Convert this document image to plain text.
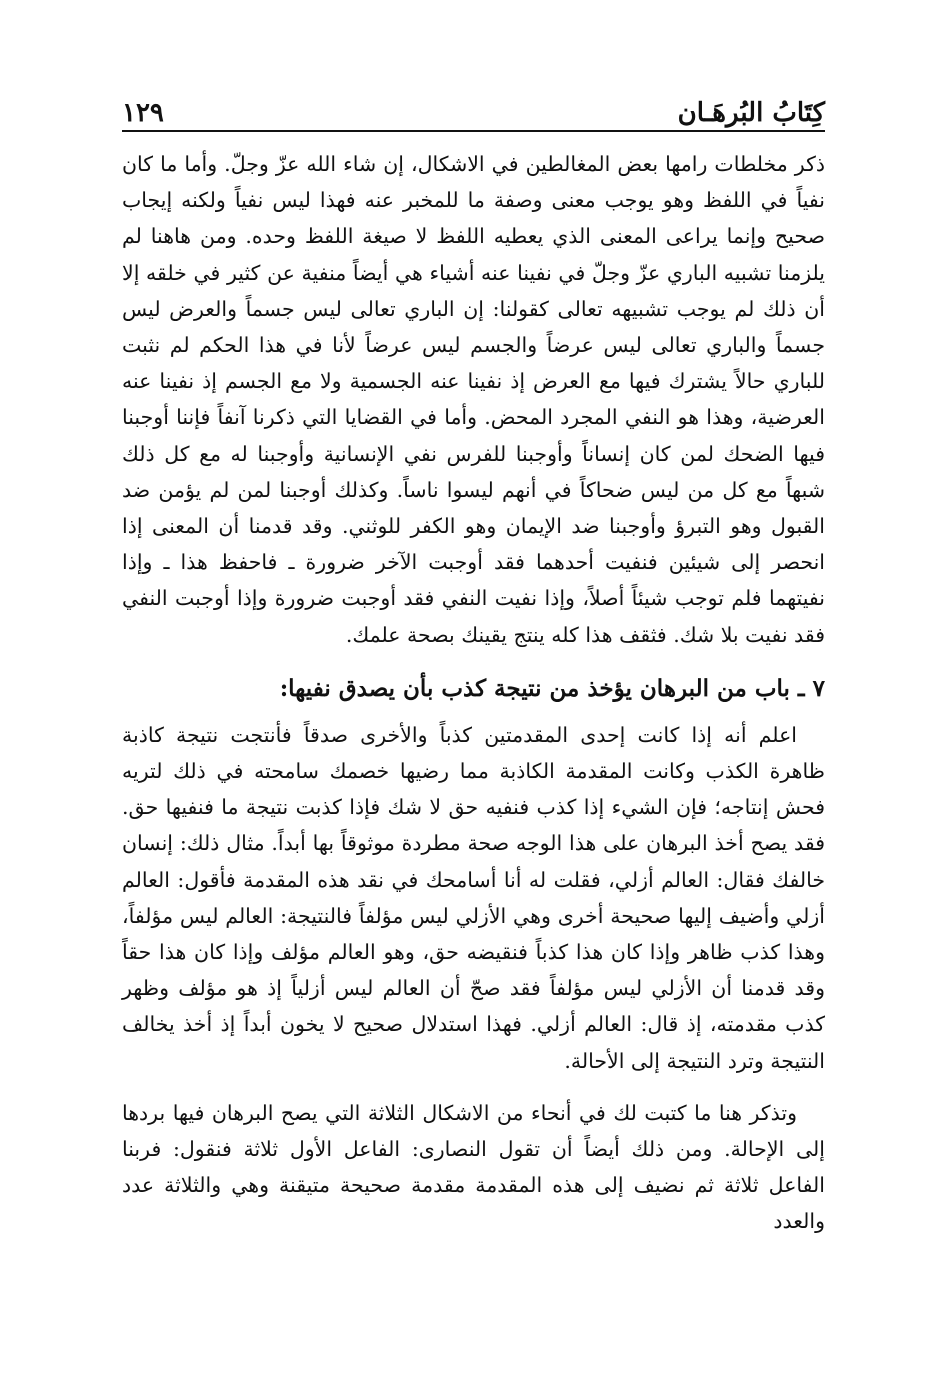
كِتَابُ البُرهَـان
١٢٩

ذكر مخلطات رامها بعض المغالطين في الاشكال، إن شاء الله عزّ وجلّ. وأما ما كان نفياً في اللفظ وهو يوجب معنى وصفة ما للمخبر عنه فهذا ليس نفياً ولكنه إيجاب صحيح وإنما يراعى المعنى الذي يعطيه اللفظ لا صيغة اللفظ وحده. ومن هاهنا لم يلزمنا تشبيه الباري عزّ وجلّ في نفينا عنه أشياء هي أيضاً منفية عن كثير في خلقه إلا أن ذلك لم يوجب تشبيهه تعالى كقولنا: إن الباري تعالى ليس جسماً والعرض ليس جسماً والباري تعالى ليس عرضاً والجسم ليس عرضاً لأنا في هذا الحكم لم نثبت للباري حالاً يشترك فيها مع العرض إذ نفينا عنه الجسمية ولا مع الجسم إذ نفينا عنه العرضية، وهذا هو النفي المجرد المحض. وأما في القضايا التي ذكرنا آنفاً فإننا أوجبنا فيها الضحك لمن كان إنساناً وأوجبنا للفرس نفي الإنسانية وأوجبنا له مع كل ذلك شبهاً مع كل من ليس ضحاكاً في أنهم ليسوا ناساً. وكذلك أوجبنا لمن لم يؤمن ضد القبول وهو التبرؤ وأوجبنا ضد الإيمان وهو الكفر للوثني. وقد قدمنا أن المعنى إذا انحصر إلى شيئين فنفيت أحدهما فقد أوجبت الآخر ضرورة ـ فاحفظ هذا ـ وإذا نفيتهما فلم توجب شيئاً أصلاً، وإذا نفيت النفي فقد أوجبت ضرورة وإذا أوجبت النفي فقد نفيت بلا شك. فثقف هذا كله ينتج يقينك بصحة علمك.

٧ ـ باب من البرهان يؤخذ من نتيجة كذب بأن يصدق نفيها:

اعلم أنه إذا كانت إحدى المقدمتين كذباً والأخرى صدقاً فأنتجت نتيجة كاذبة ظاهرة الكذب وكانت المقدمة الكاذبة مما رضيها خصمك سامحته في ذلك لتريه فحش إنتاجه؛ فإن الشيء إذا كذب فنفيه حق لا شك فإذا كذبت نتيجة ما فنفيها حق. فقد يصح أخذ البرهان على هذا الوجه صحة مطردة موثوقاً بها أبداً. مثال ذلك: إنسان خالفك فقال: العالم أزلي، فقلت له أنا أسامحك في نقد هذه المقدمة فأقول: العالم أزلي وأضيف إليها صحيحة أخرى وهي الأزلي ليس مؤلفاً فالنتيجة: العالم ليس مؤلفاً، وهذا كذب ظاهر وإذا كان هذا كذباً فنقيضه حق، وهو العالم مؤلف وإذا كان هذا حقاً وقد قدمنا أن الأزلي ليس مؤلفاً فقد صحّ أن العالم ليس أزلياً إذ هو مؤلف وظهر كذب مقدمته، إذ قال: العالم أزلي. فهذا استدلال صحيح لا يخون أبداً إذ أخذ يخالف النتيجة وترد النتيجة إلى الأحالة.

وتذكر هنا ما كتبت لك في أنحاء من الاشكال الثلاثة التي يصح البرهان فيها بردها إلى الإحالة. ومن ذلك أيضاً أن تقول النصارى: الفاعل الأول ثلاثة فنقول: فربنا الفاعل ثلاثة ثم نضيف إلى هذه المقدمة مقدمة صحيحة متيقنة وهي والثلاثة عدد والعدد
